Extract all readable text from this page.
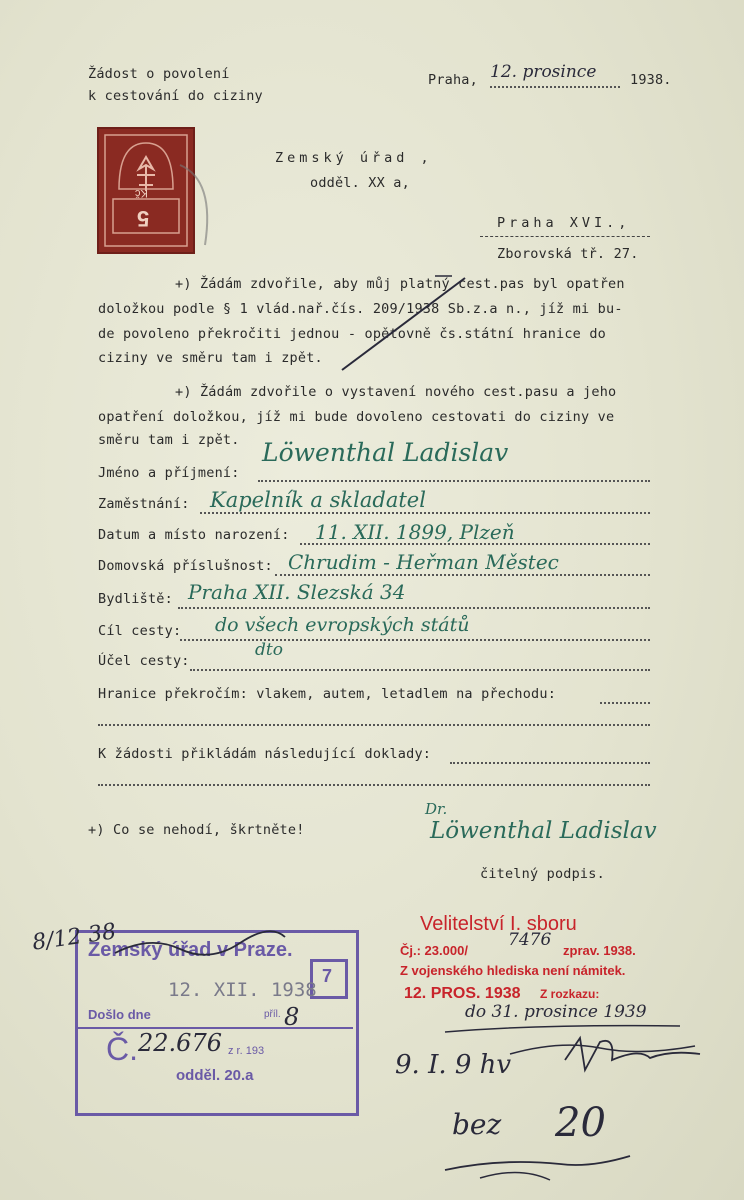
Žádost o povolení
k cestování do ciziny
Praha, 12. prosince 1938.
5
Kč
Zemský úřad ,
odděl. XX a,
Praha XVI.,
Zborovská tř. 27.
+) Žádám zdvořile, aby můj platný cest.pas byl opatřen
doložkou podle § 1 vlád.nař.čís. 209/1938 Sb.z.a n., jíž mi bu-
de povoleno překročiti jednou - opětovně čs.státní hranice do
ciziny ve směru tam i zpět.
+) Žádám zdvořile o vystavení nového cest.pasu a jeho
opatření doložkou, jíž mi bude dovoleno cestovati do ciziny ve
směru tam i zpět.
Jméno a příjmení:
Löwenthal Ladislav
Zaměstnání: Kapelník a skladatel
Datum a místo narození: 11. XII. 1899, Plzeň
Domovská příslušnost: Chrudim - Heřman Městec
Bydliště: Praha XII. Slezská 34
Cíl cesty: do všech evropských států
Účel cesty:
dto
Hranice překročím: vlakem, autem, letadlem na přechodu:
K žádosti přikládám následující doklady:
+) Co se nehodí, škrtněte!
Dr.
Löwenthal Ladislav
čitelný podpis.
Zemský úřad v Praze.
7
Došlo dne
12. XII. 1938
Č. 22.676 z r. 193
příl. 8
odděl. 20.a
8/12 38	Velitelství I. sboru
Čj.: 23.000/
7476
zprav. 1938.
Z vojenského hlediska není námitek.
12. PROS. 1938 Z rozkazu:
do 31. prosince 1939
9. I. 9 hv
bez 20
